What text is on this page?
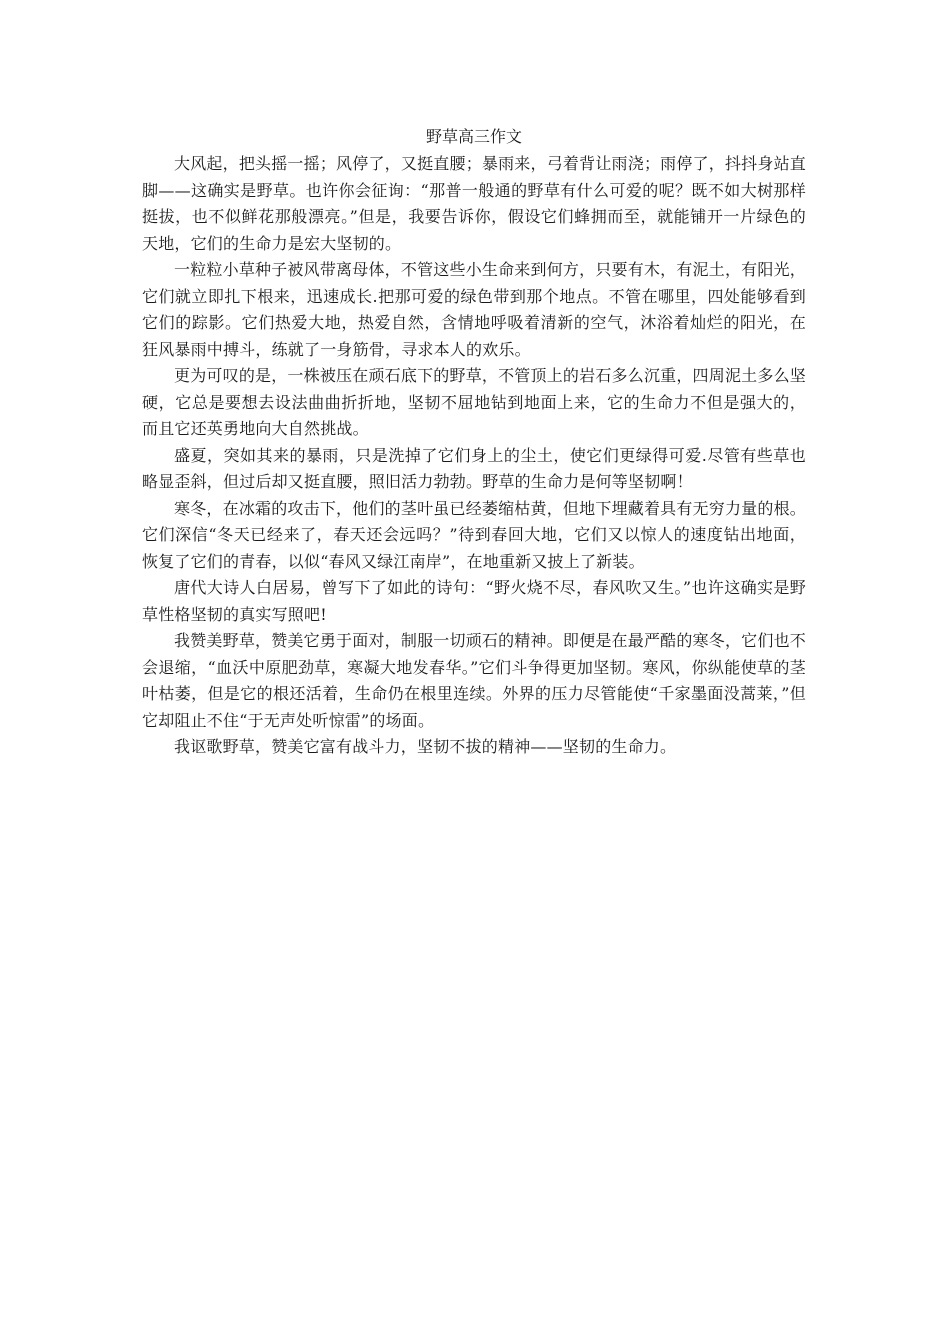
野草高三作文

大风起，把头摇一摇；风停了，又挺直腰；暴雨来，弓着背让雨浇；雨停了，抖抖身站直脚——这确实是野草。也许你会征询：“那普一般通的野草有什么可爱的呢？既不如大树那样挺拔，也不似鲜花那般漂亮。”但是，我要告诉你，假设它们蜂拥而至，就能铺开一片绿色的天地，它们的生命力是宏大坚韧的。

一粒粒小草种子被风带离母体，不管这些小生命来到何方，只要有木，有泥土，有阳光，它们就立即扎下根来，迅速成长.把那可爱的绿色带到那个地点。不管在哪里，四处能够看到它们的踪影。它们热爱大地，热爱自然，含情地呼吸着清新的空气，沐浴着灿烂的阳光，在狂风暴雨中搏斗，练就了一身筋骨，寻求本人的欢乐。

更为可叹的是，一株被压在顽石底下的野草，不管顶上的岩石多么沉重，四周泥土多么坚硬，它总是要想去设法曲曲折折地，坚韧不屈地钻到地面上来，它的生命力不但是强大的，而且它还英勇地向大自然挑战。

盛夏，突如其来的暴雨，只是洗掉了它们身上的尘土，使它们更绿得可爱.尽管有些草也略显歪斜，但过后却又挺直腰，照旧活力勃勃。野草的生命力是何等坚韧啊！

寒冬，在冰霜的攻击下，他们的茎叶虽已经萎缩枯黄，但地下埋藏着具有无穷力量的根。它们深信“冬天已经来了，春天还会远吗？”待到春回大地，它们又以惊人的速度钻出地面，恢复了它们的青春，以似“春风又绿江南岸”，在地重新又披上了新装。

唐代大诗人白居易，曾写下了如此的诗句：“野火烧不尽，春风吹又生。”也许这确实是野草性格坚韧的真实写照吧!

我赞美野草，赞美它勇于面对，制服一切顽石的精神。即便是在最严酷的寒冬，它们也不会退缩，“血沃中原肥劲草，寒凝大地发春华。”它们斗争得更加坚韧。寒风，你纵能使草的茎叶枯萎，但是它的根还活着，生命仍在根里连续。外界的压力尽管能使“千家墨面没蒿莱，”但它却阻止不住“于无声处听惊雷”的场面。

我讴歌野草，赞美它富有战斗力，坚韧不拔的精神——坚韧的生命力。
